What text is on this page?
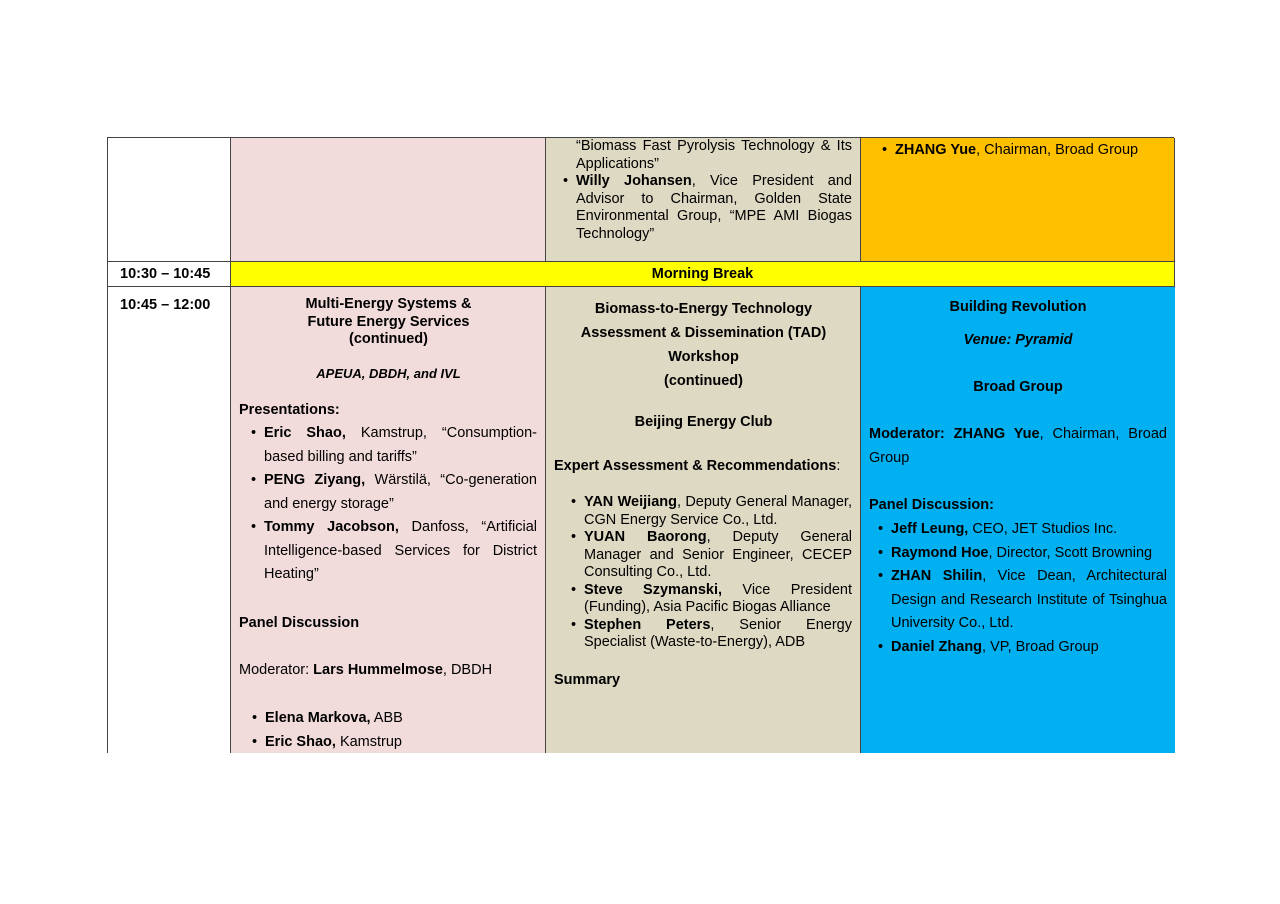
“Biomass Fast Pyrolysis Technology & Its Applications”
• Willy Johansen, Vice President and Advisor to Chairman, Golden State Environmental Group, “MPE AMI Biogas Technology”
• ZHANG Yue, Chairman, Broad Group
10:30 – 10:45	Morning Break
10:45 – 12:00	Multi-Energy Systems &
Future Energy Services
(continued)
APEUA, DBDH, and IVL
Presentations:
• Eric Shao, Kamstrup, “Consumption-based billing and tariffs”
• PENG Ziyang, Wärstilä, “Co-generation and energy storage”
• Tommy Jacobson, Danfoss, “Artificial Intelligence-based Services for District Heating”
Panel Discussion
Moderator: Lars Hummelmose, DBDH
• Elena Markova, ABB
• Eric Shao, Kamstrup
Biomass-to-Energy Technology
Assessment & Dissemination (TAD)
Workshop
(continued)
Beijing Energy Club
Expert Assessment & Recommendations:
• YAN Weijiang, Deputy General Manager, CGN Energy Service Co., Ltd.
• YUAN Baorong, Deputy General Manager and Senior Engineer, CECEP Consulting Co., Ltd.
• Steve Szymanski, Vice President (Funding), Asia Pacific Biogas Alliance
• Stephen Peters, Senior Energy Specialist (Waste-to-Energy), ADB
Summary
Building Revolution
Venue: Pyramid
Broad Group
Moderator: ZHANG Yue, Chairman, Broad Group
Panel Discussion:
• Jeff Leung, CEO, JET Studios Inc.
• Raymond Hoe, Director, Scott Browning
• ZHAN Shilin, Vice Dean, Architectural Design and Research Institute of Tsinghua University Co., Ltd.
• Daniel Zhang, VP, Broad Group
